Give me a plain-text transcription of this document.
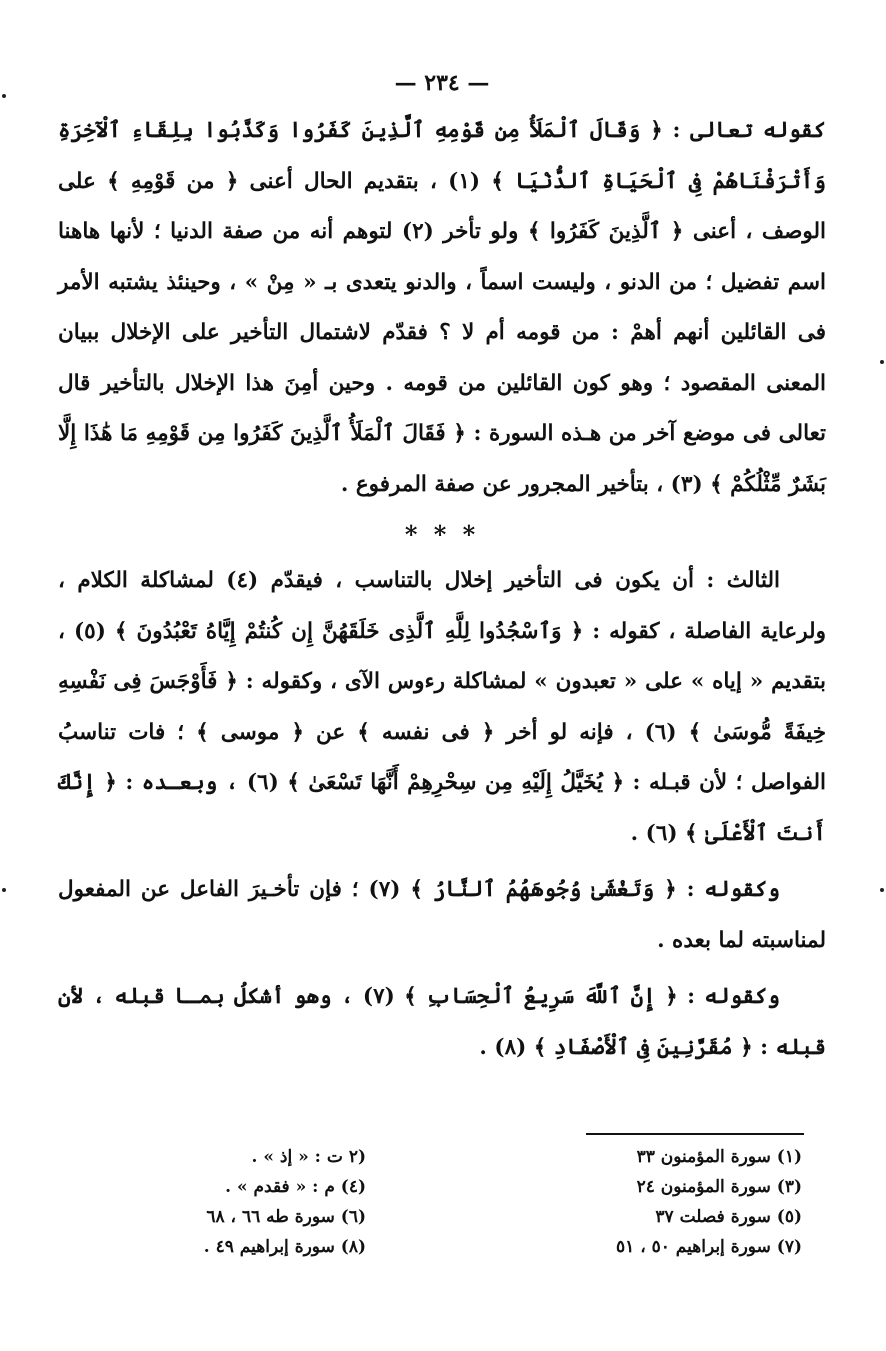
— ٢٣٤ —

كقوله تعالى : ﴿ وَقَالَ ٱلْمَلَأُ مِن قَوْمِهِ ٱلَّذِينَ كَفَرُوا وَكَذَّبُوا بِلِقَاءِ ٱلْآخِرَةِ وَأَتْرَفْنَاهُمْ فِى ٱلْحَيَاةِ ٱلدُّنْيَا ﴾ (١) ، بتقديم الحال أعنى ﴿ من قَوْمِهِ ﴾ على الوصف ، أعنى ﴿ ٱلَّذِينَ كَفَرُوا ﴾ ولو تأخر (٢) لتوهم أنه من صفة الدنيا ؛ لأنها هاهنا اسم تفضيل ؛ من الدنو ، وليست اسماً ، والدنو يتعدى بـ « مِنْ » ، وحينئذ يشتبه الأمر فى القائلين أنهم أهمْ : من قومه أم لا ؟ فقدّم لاشتمال التأخير على الإخلال ببيان المعنى المقصود ؛ وهو كون القائلين من قومه . وحين أمِنَ هذا الإخلال بالتأخير قال تعالى فى موضع آخر من هـذه السورة : ﴿ فَقَالَ ٱلْمَلَأُ ٱلَّذِينَ كَفَرُوا مِن قَوْمِهِ مَا هَٰذَا إِلَّا بَشَرٌ مِّثْلُكُمْ ﴾ (٣) ، بتأخير المجرور عن صفة المرفوع .

* * *

الثالث : أن يكون فى التأخير إخلال بالتناسب ، فيقدّم (٤) لمشاكلة الكلام ، ولرعاية الفاصلة ، كقوله : ﴿ وَٱسْجُدُوا لِلَّهِ ٱلَّذِى خَلَقَهُنَّ إِن كُنتُمْ إِيَّاهُ تَعْبُدُونَ ﴾ (٥) ، بتقديم « إياه » على « تعبدون » لمشاكلة رءوس الآى ، وكقوله : ﴿ فَأَوْجَسَ فِى نَفْسِهِ خِيفَةً مُّوسَىٰ ﴾ (٦) ، فإنه لو أخر ﴿ فى نفسه ﴾ عن ﴿ موسى ﴾ ؛ فات تناسبُ الفواصل ؛ لأن قبـله : ﴿ يُخَيَّلُ إِلَيْهِ مِن سِحْرِهِمْ أَنَّهَا تَسْعَىٰ ﴾ (٦) ، وبعـده : ﴿ إِنَّكَ أَنتَ ٱلْأَعْلَىٰ ﴾ (٦) .

وكقوله : ﴿ وَتَغْشَىٰ وُجُوهَهُمُ ٱلنَّارُ ﴾ (٧) ؛ فإن تأخـيرَ الفاعل عن المفعول لمناسبته لما بعده .

وكقوله : ﴿ إِنَّ ٱللَّهَ سَرِيعُ ٱلْحِسَابِ ﴾ (٧) ، وهو أشكلُ بمـا قبله ، لأن قبله : ﴿ مُقَرَّنِينَ فِى ٱلْأَصْفَادِ ﴾ (٨) .

(١) سورة المؤمنون ٣٣
(٢ ت : « إذ » .
(٣) سورة المؤمنون ٢٤
(٤) م : « فقدم » .
(٥) سورة فصلت ٣٧
(٦) سورة طه ٦٦ ، ٦٨
(٧) سورة إبراهيم ٥٠ ، ٥١
(٨) سورة إبراهيم ٤٩ .
